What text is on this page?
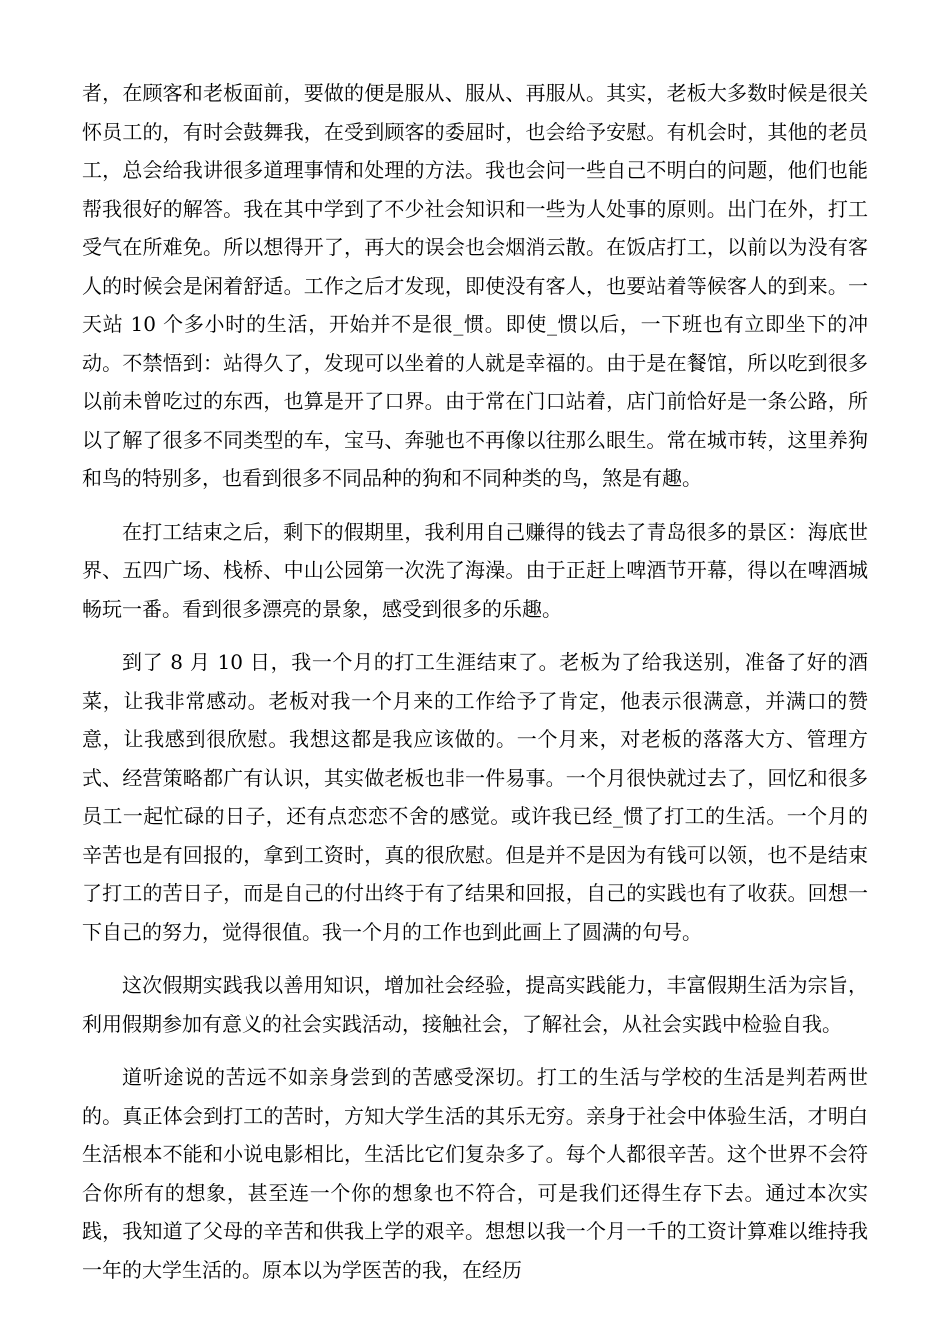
者，在顾客和老板面前，要做的便是服从、服从、再服从。其实，老板大多数时候是很关怀员工的，有时会鼓舞我，在受到顾客的委屈时，也会给予安慰。有机会时，其他的老员工，总会给我讲很多道理事情和处理的方法。我也会问一些自己不明白的问题，他们也能帮我很好的解答。我在其中学到了不少社会知识和一些为人处事的原则。出门在外，打工受气在所难免。所以想得开了，再大的误会也会烟消云散。在饭店打工，以前以为没有客人的时候会是闲着舒适。工作之后才发现，即使没有客人，也要站着等候客人的到来。一天站 10 个多小时的生活，开始并不是很_惯。即使_惯以后，一下班也有立即坐下的冲动。不禁悟到：站得久了，发现可以坐着的人就是幸福的。由于是在餐馆，所以吃到很多以前未曾吃过的东西，也算是开了口界。由于常在门口站着，店门前恰好是一条公路，所以了解了很多不同类型的车，宝马、奔驰也不再像以往那么眼生。常在城市转，这里养狗和鸟的特别多，也看到很多不同品种的狗和不同种类的鸟，煞是有趣。

在打工结束之后，剩下的假期里，我利用自己赚得的钱去了青岛很多的景区：海底世界、五四广场、栈桥、中山公园第一次洗了海澡。由于正赶上啤酒节开幕，得以在啤酒城畅玩一番。看到很多漂亮的景象，感受到很多的乐趣。

到了 8 月 10 日，我一个月的打工生涯结束了。老板为了给我送别，准备了好的酒菜，让我非常感动。老板对我一个月来的工作给予了肯定，他表示很满意，并满口的赞意，让我感到很欣慰。我想这都是我应该做的。一个月来，对老板的落落大方、管理方式、经营策略都广有认识，其实做老板也非一件易事。一个月很快就过去了，回忆和很多员工一起忙碌的日子，还有点恋恋不舍的感觉。或许我已经_惯了打工的生活。一个月的辛苦也是有回报的，拿到工资时，真的很欣慰。但是并不是因为有钱可以领，也不是结束了打工的苦日子，而是自己的付出终于有了结果和回报，自己的实践也有了收获。回想一下自己的努力，觉得很值。我一个月的工作也到此画上了圆满的句号。

这次假期实践我以善用知识，增加社会经验，提高实践能力，丰富假期生活为宗旨，利用假期参加有意义的社会实践活动，接触社会，了解社会，从社会实践中检验自我。

道听途说的苦远不如亲身尝到的苦感受深切。打工的生活与学校的生活是判若两世的。真正体会到打工的苦时，方知大学生活的其乐无穷。亲身于社会中体验生活，才明白生活根本不能和小说电影相比，生活比它们复杂多了。每个人都很辛苦。这个世界不会符合你所有的想象，甚至连一个你的想象也不符合，可是我们还得生存下去。通过本次实践，我知道了父母的辛苦和供我上学的艰辛。想想以我一个月一千的工资计算难以维持我一年的大学生活的。原本以为学医苦的我，在经历
